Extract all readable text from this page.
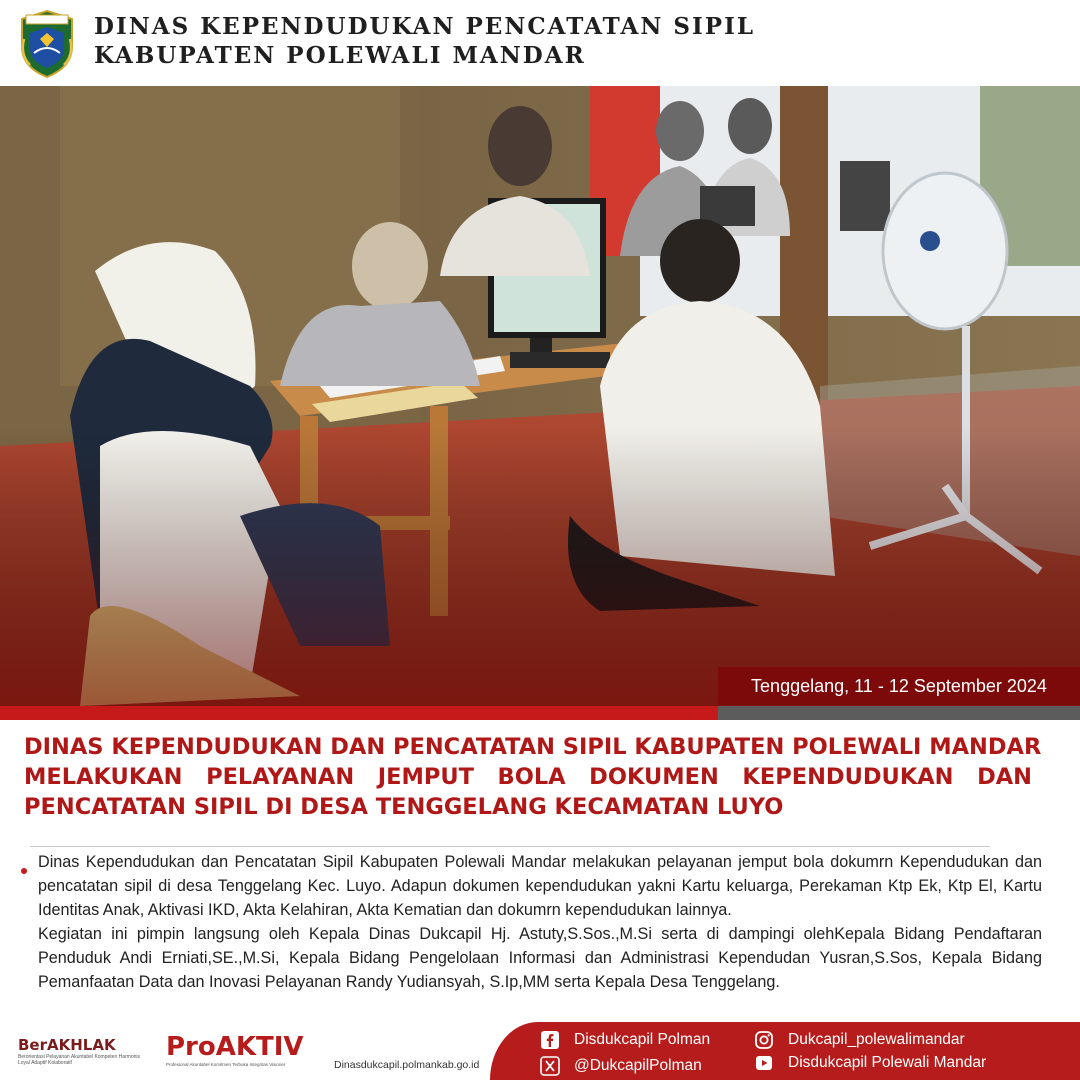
DINAS KEPENDUDUKAN PENCATATAN SIPIL
KABUPATEN POLEWALI MANDAR
Tenggelang, 11 - 12 September 2024
DINAS KEPENDUDUKAN DAN PENCATATAN SIPIL KABUPATEN POLEWALI MANDAR
MELAKUKAN PELAYANAN JEMPUT BOLA DOKUMEN KEPENDUDUKAN DAN
PENCATATAN SIPIL DI DESA TENGGELANG KECAMATAN LUYO

Dinas Kependudukan dan Pencatatan Sipil Kabupaten Polewali Mandar melakukan pelayanan jemput bola dokumrn Kependudukan dan pencatatan sipil di desa Tenggelang Kec. Luyo. Adapun dokumen kependudukan yakni Kartu keluarga, Perekaman Ktp Ek, Ktp El, Kartu Identitas Anak, Aktivasi IKD, Akta Kelahiran, Akta Kematian dan dokumrn kependudukan lainnya.

Kegiatan ini pimpin langsung oleh Kepala Dinas Dukcapil Hj. Astuty,S.Sos.,M.Si serta di dampingi olehKepala Bidang Pendaftaran Penduduk Andi Erniati,SE.,M.Si, Kepala Bidang Pengelolaan Informasi dan Administrasi Kependudan Yusran,S.Sos, Kepala Bidang Pemanfaatan Data dan Inovasi Pelayanan Randy Yudiansyah, S.Ip,MM serta Kepala Desa Tenggelang.

BerAKHLAK
Berorientasi Pelayanan Akuntabel Kompeten Harmonis Loyal Adaptif Kolaboratif
ProAKTIV
Profesional Akuntabel Komitmen Terbuka Integritas Visioner	Dinasdukcapil.polmankab.go.id
Disdukcapil Polman
@DukcapilPolman
Dukcapil_polewalimandar
Disdukcapil Polewali Mandar
